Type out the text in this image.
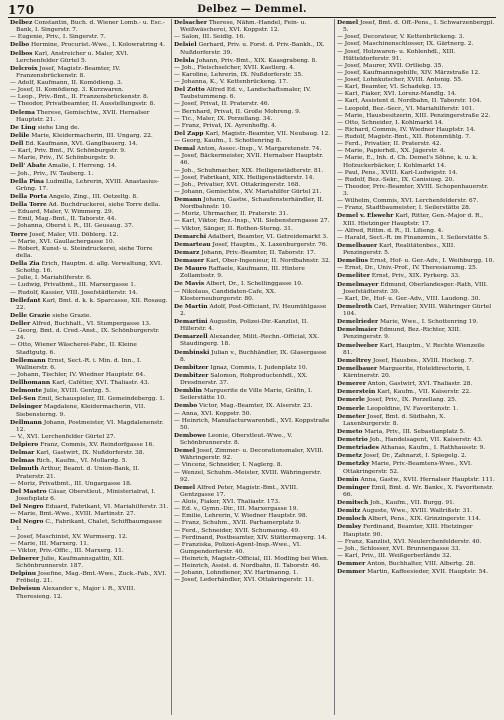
170	Delbez — Demmel.
Delbez Constantin, Buch. d. Wiener Lomb.- u. Esc.-Bank, I. Singerstr. 7.
— Eugenie, Priv., I. Singerstr. 7.
Delbo Hermine, Procurist.-Wwe., I. Kolowratring 4.
Delbos Karl, Anstreicher u. Maler, XVI. Lerchenfelder Gürtel 5.
Delcroix Josef, Magistr.-Beamter, IV. Franzensbrückenstr. 8.
— Adolf, Kaufmann, II. Komödieng. 3.
— Josef, II. Komödieng. 3. Kurzwaren.
— Leop., Priv.-Bmt., II. Franzensbrückenstr. 8.
— Theodor, Privatbeamter, II. Ausstellungsstr. 8.
Delema Therese, Gemischtw., XVII. Hernalser Hauptstr. 21.
De Ling siehe Ling de.
Delile Marie, Kleidermacherin, III. Ungarg. 22.
Dell Ed. Kaufmann, XVI. Ganglbauerg. 14.
— Karl, Priv. Bmt., IV. Schönburgstr. 9.
— Marie, Priv., IV. Schönburgstr. 9.
Dell' Abate Amalie, I. Herreng. 14.
— Joh., Priv., IV. Tauberg. 1.
Della Pina Ludmilla, Lehrerin, XVIII. Anastasius-Grüng. 17.
Della Porta Angelo, Zing., III. Oetzeltg. 8.
Della Torre Ad. Buchdruckerei, siehe Torre della.
— Eduard, Maler, V. Wimmerg. 29.
— Emil, Mag.-Bmt., II. Taborstr. 44.
— Johanna, Oberst i. R., III. Geusaug. 37.
Torre Josef, Maler, VII. Döblerg. 12.
— Marie, XVI. Gaullachergasse 10.
— Robert, Kunst- u. Steindruckerei, siehe Torre della.
Della Zia Erich, Hauptm. d. allg. Verwaltung, XVI. Schottg. 16.
— Julie, I. Mariahilferstr. 6.
— Ludwig, Privatbmt., III. Marxergasse 1.
— Rudolf, Kassier, VIII. Josefstädterstr. 14.
Dellefant Karl, Bmt. d. k. k. Sparcasse, XII. Rosaug. 22.
Delle Grazie siehe Grazie.
Deller Alfred, Buchhalt., VI. Stumpergasse 13.
— Georg, Bmt. d. Cred.-Anst., IX. Schönburgerstr. 24.
— Otto, Wiener Wäscherei-Fabr., II. Kleine Stadtgutg. 6.
Dellemann Ernst, Sect.-R. i. Min. d. Inn., I. Wallnerstr. 6.
— Johann, Tischler, IV. Wiedner Hauptstr. 64.
Dellhomann Karl, Cafétier, XVI. Thaliastr. 43.
Delmonte Julie, XVIII. Gentzg. 5.
Del-Sen Emil, Schauspieler, III. Gemeindebergg. 1.
Delsinger Magdalene, Kleidermacherin, VII. Siebensterng. 9.
Dellmann Johann, Postmeister, VI. Magdalenenstr. 12.
— V., XVI. Lerchenfelder Gürtel 27.
Delpiero Franz, Commis, XV. Reindorfgasse 16.
Delmar Karl, Gastwirt, IX. Nußdorferstr. 38.
Delmas Rich., Kaufm., VI. Mollardg. 5.
Delmuth Arthur, Beamt. d. Union-Bank, II. Praterstr. 21.
— Moriz, Privatbmt., III. Ungargasse 18.
Del Mastro Cäsar, Oberstleut., Ministerialrat, I. Josefsplatz 6.
Del Negro Eduard, Fabrikant, VI. Mariahilferstr. 31.
— Marie, Bmt.-Wwe., XVIII. Martinstr. 27.
Del Negro C., Fabrikant, Chalet, Schiffbaumgasse 1.
— Josef, Maschinist, XV. Wurmserg. 12.
— Marie, III. Marxerg. 11.
— Viktor, Priv.-Offic., III. Marxerg. 11.
Delnerer Julie, Kaufmannsgattin, XII. Schönbrunnerstr. 187.
Delpinu Josefine, Mag.-Bmt.-Wwe., Zuck.-Fab., XVI. Fröbelg. 21.
Delwisun Alexander v., Major i. R., XVIII. Theresieng. 12.
Delsacher Therese, Nähm.-Handel, Fein- u. Weißwäscherei, XVI. Koppstr. 12.
— Salon, III. Seidlg. 16.
Delsiel Gerhard, Priv. u. Forst. d. Priv.-Bankh., IX. Nußdorferstr. 39.
Delsla Johann, Priv.-Bmt., XIX. Kaasgrabeng. 8.
— Joh., Fleischselcher, XVII. Kastlerg. 4.
— Karoline, Lehrerin, IX. Nußdorferstr. 35.
— Johanna, K., V. Kettenbrückeng. 17.
Del Zotto Alfred Ed. v., Landschaftsmaler, IV. Taubstummeng. 6.
— Josef, Privat, II. Praterstr. 46.
— Bernhard, Privat, II. Große Mohreng. 9.
— Tic., Maler, IX. Porzellang. 34.
— Franz, Privat, IX. Ayrenhoffg. 4.
Del Zapp Karl, Magistr.-Beamter, VII. Neubaug. 12.
— Georg, Kaufm., I. Schottenring 8.
Demal Anton, Assec.-Insp., V. Margaretenstr. 74.
— Josef, Bäckermeister, XVII. Hernalser Hauptstr. 46.
— Joh., Schuhmacher, XIX. Heiligenstädterstr. 81.
— Josef, Fabrikant, XIX. Heiligenstädterstr. 14.
— Joh., Privatier, XVI. Ottakringerstr. 168.
— Johann, Gemischtw., XV. Mariahilfer Gürtel 21.
Demann Johann, Gastw., Schaufensterhändler, II. Nordbahnstr. 10.
— Moriz, Uhrmacher, II. Praterstr. 31.
— Karl, Viktor, Bez.-Insp., VII. Siebensterngasse 27.
— Viktor, Sänger, II. Rothen-Sterng. 31.
Demarchi Adalbert, Beamter, VI. Getreidemarkt 3.
Demarteau Josef, Hauptm., X. Laxenburgerstr. 76.
Demarz Johann, Priv.-Beamter, II. Taborstr. 17.
Demauer Karl, Ober-Ingenieur, II. Nordbahnstr. 32.
De Mauro Raffaele, Kaufmann, III. Hintere Zollamtsstr. 9.
De Mavis Albert, Dr., I. Schellinggasse 10.
— Nikolaus, Candidaten-Cafe, XX. Klosterneuburgerstr. 80.
De Martin Adolf, Post-Officiant, IV. Heumühlgasse 2.
Demartini Augustin, Polizei-Dir.-Kanzlist, II. Hillerstr. 4.
Demarzell Alexander, Milit.-Rechn.-Official, XX. Staudingerg. 18.
Dembinski Julian v., Buchhändler, IX. Glasergasse 8.
Dembitzer Ignaz, Commis, I. Judenplatz 10.
Dembitzer Salomon, Rohproductenhdl., XX. Dresdnerstr. 37.
Demblin Marguerite de Ville Marie, Gräfin, I. Seilerstätte 10.
Dembo Victor, Mag.-Beamter, IX. Alserstr. 23.
— Anna, XVI. Koppstr. 50.
— Heinrich, Manufacturwarenhdl., XVI. Koppstraße 50.
Dembowe Leonie, Oberstleut.-Wwe., V. Schönbrunnerstr. 8.
Demel Josef, Zimmer- u. Decorationsmaler, XVIII. Währingerstr. 92.
— Vincenz, Schneider, I. Naglerg. 8.
— Wenzel, Schuhm.-Meister, XVIII. Währingerstr. 92.
Demel Alfred Peter, Magistr.-Bmt., XVIII. Gentzgasse 17.
— Alois, Fiaker, XVI. Thaliastr. 173.
— Ed. v., Gymn.-Dir., III. Marxergasse 19.
— Emilie, Lehrerin, V. Wiedner Hauptstr. 98.
— Franz, Schuhm., XVII. Parhamerplatz 9.
— Ferd., Schneider, XVII. Schumanng. 49.
— Ferdinand, Postbeamter, XIV. Stättermayerg. 14.
— Franziska, Polizei-Agent-Insp.-Wwe., VI. Gumpendorferstr. 40.
— Heinrich, Magistr.-Official, III. Modling bei Wien.
— Heinrich, Assist. d. Nordbahn, II. Taborstr. 46.
— Johann, Lohndiener, XV. Hartmanng. 1.
— Josef, Lederhändler, XVI. Ottakringerstr. 11.
Demel Josef, Bmt. d. Off.-Pens., I. Schwarzenbergpl. 5.
— Josef, Decorateur, V. Kettenbrückeng. 3.
— Josef, Maschinenschlosser, IX. Gärtnerg. 2.
— Josef, Holzwaren- u. Kohlenhdl., XIII. Hütteldorferstr. 91.
— Josef, Maurer, XVII. Ortliebg. 35.
— Josef, Kaufmannsgehilfe, XIV. Märzstraße 12.
— Josef, Lohnkutscher, XVIII. Antonig. 55.
— Karl, Beamter, VI. Schadekg. 15.
— Karl, Fiaker, XVI. Lorenz-Mandlg. 14.
— Karl, Assistent d. Nordbahn, II. Taborstr. 104.
— Leopold, Bez.-Secr., VI. Mariahilferstr. 101.
— Marie, Hausbesitzerin, XIII. Penzingerstraße 22.
— Otto, Schneider, I. Kohlmarkt 14.
— Richard, Commis, IV. Wiedner Hauptstr. 14.
— Rudolf, Magistr.-Bmt., XII. Rotenmühlg. 7.
— Ferd., Privatier, II. Praterstr. 42.
— Marie, Papierhdl., XX. Jägerstr. 4.
— Marie, E., Inh. d. Ch. Demel's Söhne, k. u. k. Hofzuckerbäcker, I. Kohlmarkt 14.
— Paul, Pens., XVIII. Karl-Ludwigstr. 14.
— Rudolf, Bez.-Sekr., IX. Canisiusg. 20.
— Theodor, Priv.-Beamter, XVIII. Schopenhauerstr. 3.
— Wilhelm, Commis, XVI. Lerchenfelderstr. 67.
— Franz, Stadtbaumeister, I. Seilerstätte 28.
Demel v. Elswehr Karl, Ritter, Gen.-Major d. R., XIII. Hietzinger Hauptstr. 17.
— Alfred, Rittm. d. R., II. Lilieng. 4.
— Harald, Sect.-R. im Finanzmin., I. Seilerstätte 5.
Demelbauer Karl, Realitätenbes., XIII. Penzingerstr. 5.
Demelius Ernst, Hof- u. Ger.-Adv., I. Weihburgg. 10.
— Ernst, Dr., Univ.-Prof., IV. Theresianumg. 25.
Demeliter Ernst, Priv., XIX. Pyrkerg. 33.
Demelmayer Edmund, Oberlandesger.-Rath, VIII. Josefstädterstr. 39.
— Karl, Dr., Hof- u. Ger.-Adv., VIII. Laudong. 30.
Demelroth Carl, Privatier, XVIII. Währinger Gürtel 104.
Demelrieder Marie, Wwe., I. Schottenring 19.
Demelmaier Edmund, Bez.-Richter, XIII. Penzingerstr. 9.
Demelweber Karl, Hauptm., V. Rechte Wienzeile 81.
Demeltrey Josef, Hausbes., XVIII. Hockeg. 7.
Demelbauer Marguerite, Hoteldirectorin, I. Kärntnerstr. 20.
Demerer Anton, Gastwirt, XVI. Thaliastr. 28.
Demerstein Karl, Kaufm., VII. Kaiserstr. 22.
Demerle Josef, Priv., IX. Porzellang. 25.
Demerle Leopoldine, IV. Favoritenstr. 1.
Demeter Josef, Bmt. d. Südbahn, X. Laxenburgerstr. 8.
Demeto Maria, Priv., III. Sebastianplatz 5.
Demetrio Joh., Handelsagent, VII. Kaiserstr. 43.
Demetriades Athanas, Kaufm., I. Rathhausstr. 9.
Demetz Josef, Dr., Zahnarzt, I. Spiegelg. 2.
Demetzky Marie, Priv.-Beamtens-Wwe., XVI. Ottakringerstr. 52.
Demin Anna, Gastw., XVII. Hernalser Hauptstr. 111.
Deminger Emil, Bmt. d. Wr. Bankv., X. Favoritenstr. 66.
Demitsch Joh., Kaufm., VII. Burgg. 91.
Demitz Auguste, Wwe., XVIII. Wallrißstr. 31.
Demloch Albert, Pens., XIX. Grinzingerstr. 114.
Demlsy Ferdinand, Beamter, XIII. Hietzinger Hauptstr. 90.
— Franz, Kanzlist, XVI. Neulerchenfelderstr. 40.
— Joh., Schlosser, XVI. Brunnengasse 33.
— Karl, Priv., III. Weißgerberlände 32.
Demmer Anton, Buchhalter, VIII. Albertg. 28.
Demmer Martin, Kaffeesieder, XVII. Hauptstr. 54.
